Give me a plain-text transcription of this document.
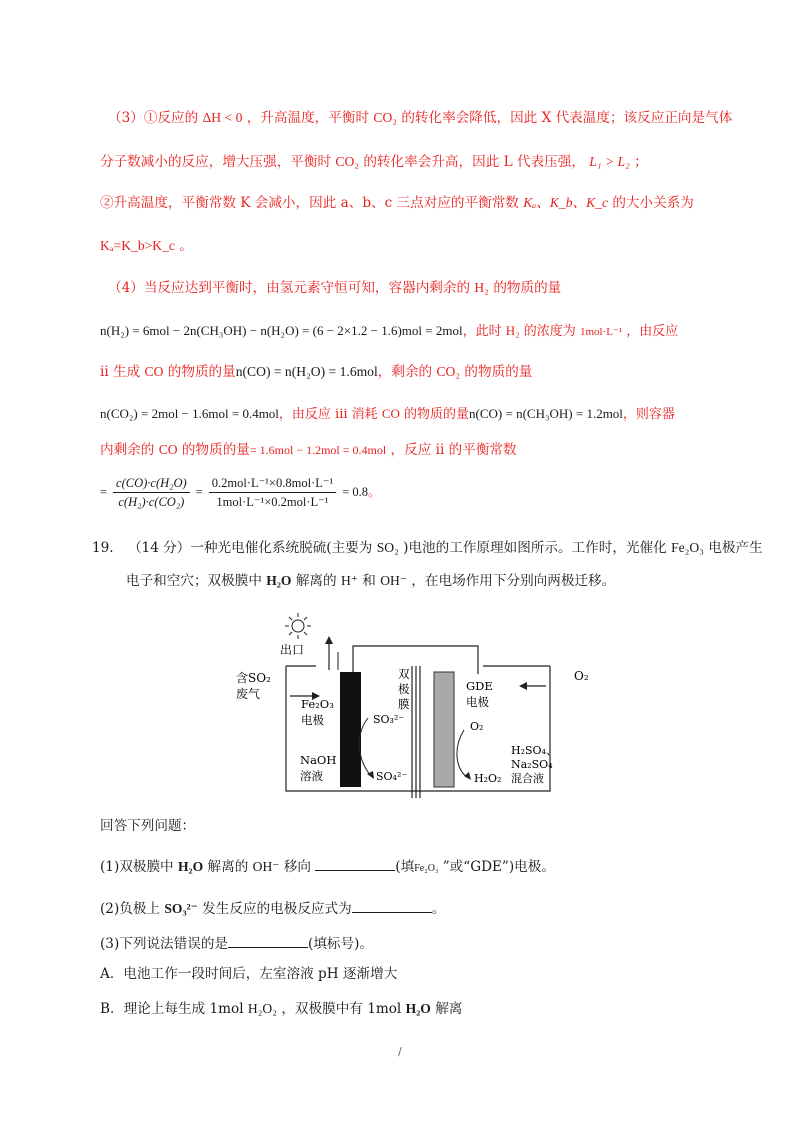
（3）①反应的 ΔH < 0 ，升高温度，平衡时 CO₂ 的转化率会降低，因此 X 代表温度；该反应正向是气体
分子数减小的反应，增大压强，平衡时 CO₂ 的转化率会升高，因此 L 代表压强， L₁ > L₂ ；
②升高温度，平衡常数 K 会减小，因此 a、b、c 三点对应的平衡常数 Kₐ、K_b、K_c 的大小关系为
Kₐ=K_b>K_c 。
（4）当反应达到平衡时，由氢元素守恒可知，容器内剩余的 H₂ 的物质的量
n(H₂) = 6mol − 2n(CH₃OH) − n(H₂O) = (6 − 2×1.2 − 1.6)mol = 2mol，此时 H₂ 的浓度为 1mol·L⁻¹ ，由反应
ii 生成 CO 的物质的量n(CO) = n(H₂O) = 1.6mol，剩余的 CO₂ 的物质的量
n(CO₂) = 2mol − 1.6mol = 0.4mol，由反应 iii 消耗 CO 的物质的量n(CO) = n(CH₃OH) = 1.2mol，则容器
内剩余的 CO 的物质的量= 1.6mol − 1.2mol = 0.4mol ，反应 ii 的平衡常数
= $\frac{\text{c(CO)·c(H₂O)}}{\text{c(H₂)·c(CO₂)}} = \frac{\text{0.2mol·L⁻¹×0.8mol·L⁻¹}}{\text{1mol·L⁻¹×0.2mol·L⁻¹}} = 0.8$。
19. （14 分）一种光电催化系统脱硫(主要为 SO₂ )电池的工作原理如图所示。工作时，光催化 Fe₂O₃ 电极产生
电子和空穴；双极膜中 H₂O 解离的 H⁺ 和 OH⁻ ，在电场作用下分别向两极迁移。
出口
含SO₂
废气
O₂
Fe₂O₃
电极	SO₃²⁻
SO₄²⁻
NaOH
溶液
双
极
膜
GDE
电极
O₂
H₂O₂
H₂SO₄、
Na₂SO₄
混合液
回答下列问题：
(1)双极膜中 H₂O 解离的 OH⁻ 移向	(填Fe₂O₃ ”或“GDE”)电极。
(2)负极上 SO₃²⁻ 发生反应的电极反应式为	。
(3)下列说法错误的是	(填标号)。
A．电池工作一段时间后，左室溶液 pH 逐渐增大
B．理论上每生成 1mol H₂O₂ ，双极膜中有 1mol H₂O 解离
/
